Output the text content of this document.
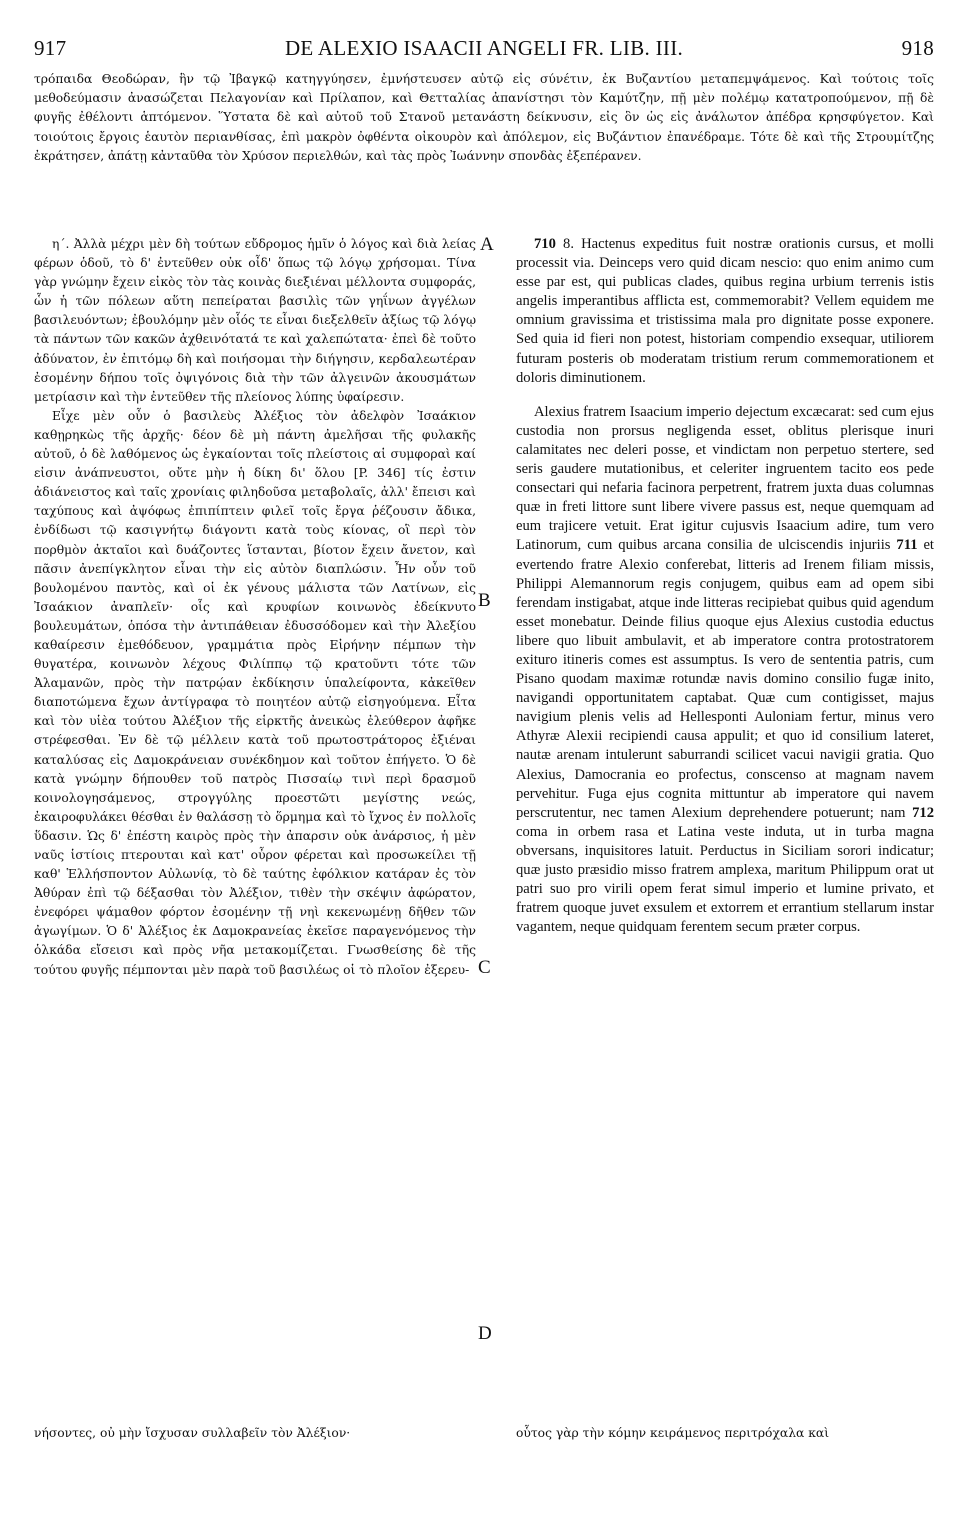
917	DE ALEXIO ISAACII ANGELI FR. LIB. III.	918

τρόπαιδα Θεοδώραν, ἣν τῷ Ἰβαγκῷ κατηγγύησεν, ἐμνήστευσεν αὐτῷ εἰς σύνέτιν, ἐκ Βυζαντίου μεταπεμψάμενος. Καὶ τούτοις τοῖς μεθοδεύμασιν ἀνασώζεται Πελαγονίαν καὶ Πρίλαπον, καὶ Θετταλίας ἀπανίστησι τὸν Καμύτζην, πῇ μὲν πολέμῳ κατατροπούμενον, πῇ δὲ φυγῆς ἐθέλοντι ἁπτόμενον. Ὕστατα δὲ καὶ αὐτοῦ τοῦ Στανοῦ μετανάστη δείκνυσιν, εἰς ὃν ὡς εἰς ἀνάλωτον ἀπέδρα κρησφύγετον. Καὶ τοιούτοις ἔργοις ἑαυτὸν περιανθίσας, ἐπὶ μακρὸν ὀφθέντα οἰκουρὸν καὶ ἀπόλεμον, εἰς Βυζάντιον ἐπανέδραμε. Τότε δὲ καὶ τῆς Στρουμίτζης ἐκράτησεν, ἀπάτῃ κἀνταῦθα τὸν Χρύσον περιελθών, καὶ τὰς πρὸς Ἰωάννην σπονδὰς ἐξεπέρανεν.

η΄. Ἀλλὰ μέχρι μὲν δὴ τούτων εὔδρομος ἡμῖν ὁ λόγος καὶ διὰ λείας φέρων ὁδοῦ, τὸ δ' ἐντεῦθεν οὐκ οἶδ' ὅπως τῷ λόγῳ χρήσομαι. Τίνα γὰρ γνώμην ἔχειν εἰκὸς τὸν τὰς κοινὰς διεξιέναι μέλλοντα συμφοράς, ὧν ἡ τῶν πόλεων αὕτη πεπείραται βασιλὶς τῶν γηΐνων ἀγγέλων βασιλευόντων; ἐβουλόμην μὲν οἷός τε εἶναι διεξελθεῖν ἀξίως τῷ λόγῳ τὰ πάντων τῶν κακῶν ἀχθεινότατά τε καὶ χαλεπώτατα· ἐπεὶ δὲ τοῦτο ἀδύνατον, ἐν ἐπιτόμῳ δὴ καὶ ποιήσομαι τὴν διήγησιν, κερδαλεωτέραν ἐσομένην δήπου τοῖς ὀψιγόνοις διὰ τὴν τῶν ἀλγεινῶν ἀκουσμάτων μετρίασιν καὶ τὴν ἐντεῦθεν τῆς πλείονος λύπης ὑφαίρεσιν.

Εἶχε μὲν οὖν ὁ βασιλεὺς Ἀλέξιος τὸν ἀδελφὸν Ἰσαάκιον καθῃρηκὼς τῆς ἀρχῆς· δέον δὲ μὴ πάντη ἀμελῆσαι τῆς φυλακῆς αὐτοῦ, ὁ δὲ λαθόμενος ὡς ἐγκαίονται τοῖς πλείστοις αἱ συμφοραὶ καί εἰσιν ἀνάπνευστοι, οὔτε μὴν ἡ δίκη δι' ὅλου [P. 346] τίς ἐστιν ἀδιάνειστος καὶ ταῖς χρονίαις φιληδοῦσα μεταβολαῖς, ἀλλ' ἔπεισι καὶ ταχύπους καὶ ἀψόφως ἐπιπίπτειν φιλεῖ τοῖς ἔργα ῥέζουσιν ἄδικα, ἐνδίδωσι τῷ κασιγνήτῳ διάγοντι κατὰ τοὺς κίονας, οἳ περὶ τὸν πορθμὸν ἀκταῖοι καὶ δυάζοντες ἵστανται, βίοτον ἔχειν ἄνετον, καὶ πᾶσιν ἀνεπίγκλητον εἶναι τὴν εἰς αὐτὸν διαπλώσιν. Ἦν οὖν τοῦ βουλομένου παντὸς, καὶ οἱ ἐκ γένους μάλιστα τῶν Λατίνων, εἰς Ἰσαάκιον ἀναπλεῖν· οἷς καὶ κρυφίων κοινωνὸς ἐδείκνυτο βουλευμάτων, ὁπόσα τὴν ἀντιπάθειαν ἐδυσσόδομεν καὶ τὴν Ἀλεξίου καθαίρεσιν ἐμεθόδευον, γραμμάτια πρὸς Εἰρήνην πέμπων τὴν θυγατέρα, κοινωνὸν λέχους Φιλίππῳ τῷ κρατοῦντι τότε τῶν Ἀλαμανῶν, πρὸς τὴν πατρῴαν ἐκδίκησιν ὑπαλείφοντα, κἀκεῖθεν διαποτώμενα ἔχων ἀντίγραφα τὸ ποιητέον αὐτῷ εἰσηγούμενα. Εἶτα καὶ τὸν υἱὲα τούτου Ἀλέξιον τῆς εἱρκτῆς ἀνεικὼς ἐλεύθερον ἀφῆκε στρέφεσθαι. Ἐν δὲ τῷ μέλλειν κατὰ τοῦ πρωτοστράτορος ἐξιέναι καταλύσας εἰς Δαμοκράνειαν συνέκδημον καὶ τοῦτον ἐπήγετο. Ὁ δὲ κατὰ γνώμην δήπουθεν τοῦ πατρὸς Πισσαίῳ τινὶ περὶ δρασμοῦ κοινολογησάμενος, στρογγύλης προεστῶτι μεγίστης νεώς, ἐκαιροφυλάκει θέσθαι ἐν θαλάσσῃ τὸ ὅρμημα καὶ τὸ ἴχνος ἐν πολλοῖς ὕδασιν. Ὡς δ' ἐπέστη καιρὸς πρὸς τὴν ἀπαρσιν οὐκ ἀνάρσιος, ἡ μὲν ναῦς ἱστίοις πτερουται καὶ κατ' οὖρον φέρεται καὶ προσωκείλει τῇ καθ' Ἑλλήσποντον Αὐλωνίᾳ, τὸ δὲ ταύτης ἐφόλκιον κατάραν ἐς τὸν Ἀθύραν ἐπὶ τῷ δέξασθαι τὸν Ἀλέξιον, τιθὲν τὴν σκέψιν ἀφώρατον, ἐνεφόρει ψάμαθον φόρτον ἐσομένην τῇ νηὶ κεκενωμένῃ δῆθεν τῶν ἀγωγίμων. Ὁ δ' Ἀλέξιος ἐκ Δαμοκρανείας ἐκεῖσε παραγενόμενος τὴν ὁλκάδα εἴσεισι καὶ πρὸς νῆα μετακομίζεται. Γνωσθείσης δὲ τῆς τούτου φυγῆς πέμπονται μὲν παρὰ τοῦ βασιλέως οἱ τὸ πλοῖον ἐξερευ-

A
B
C
D

710 8. Hactenus expeditus fuit nostræ orationis cursus, et molli processit via. Deinceps vero quid dicam nescio: quo enim animo cum esse par est, qui publicas clades, quibus regina urbium terrenis istis angelis imperantibus afflicta est, commemorabit? Vellem equidem me omnium gravissima et tristissima mala pro dignitate posse exponere. Sed quia id fieri non potest, historiam compendio exsequar, utiliorem futuram posteris ob moderatam tristium rerum commemorationem et doloris diminutionem.

Alexius fratrem Isaacium imperio dejectum excæcarat: sed cum ejus custodia non prorsus negligenda esset, oblitus plerisque inuri calamitates nec deleri posse, et vindictam non perpetuo stertere, sed seris gaudere mutationibus, et celeriter ingruentem tacito eos pede consectari qui nefaria facinora perpetrent, fratrem juxta duas columnas quæ in freti littore sunt libere vivere passus est, neque quemquam ad eum trajicere vetuit. Erat igitur cujusvis Isaacium adire, tum vero Latinorum, cum quibus arcana consilia de ulciscendis injuriis 711 et evertendo fratre Alexio conferebat, litteris ad Irenem filiam missis, Philippi Alemannorum regis conjugem, quibus eam ad opem sibi ferendam instigabat, atque inde litteras recipiebat quibus quid agendum esset monebatur. Deinde filius quoque ejus Alexius custodia eductus libere quo libuit ambulavit, et ab imperatore contra protostratorem exituro itineris comes est assumptus. Is vero de sententia patris, cum Pisano quodam maximæ rotundæ navis domino consilio fugæ inito, navigandi opportunitatem captabat. Quæ cum contigisset, majus navigium plenis velis ad Hellesponti Auloniam fertur, minus vero Athyræ Alexii recipiendi causa appulit; et quo id consilium lateret, nautæ arenam intulerunt saburrandi scilicet vacui navigii gratia. Quo Alexius, Damocrania eo profectus, conscenso at magnam navem pervehitur. Fuga ejus cognita mittuntur ab imperatore qui navem perscrutentur, nec tamen Alexium deprehendere potuerunt; nam 712 coma in orbem rasa et Latina veste induta, ut in turba magna obversans, inquisitores latuit. Perductus in Siciliam sorori indicatur; quæ justo præsidio misso fratrem amplexa, maritum Philippum orat ut patri suo pro virili opem ferat simul imperio et lumine privato, et fratrem quoque juvet exsulem et extorrem et errantium stellarum instar vagantem, neque quidquam ferentem secum præter corpus.

νήσοντες, οὐ μὴν ἴσχυσαν συλλαβεῖν τὸν Ἀλέξιον·	οὗτος γὰρ τὴν κόμην κειράμενος περιτρόχαλα καὶ
